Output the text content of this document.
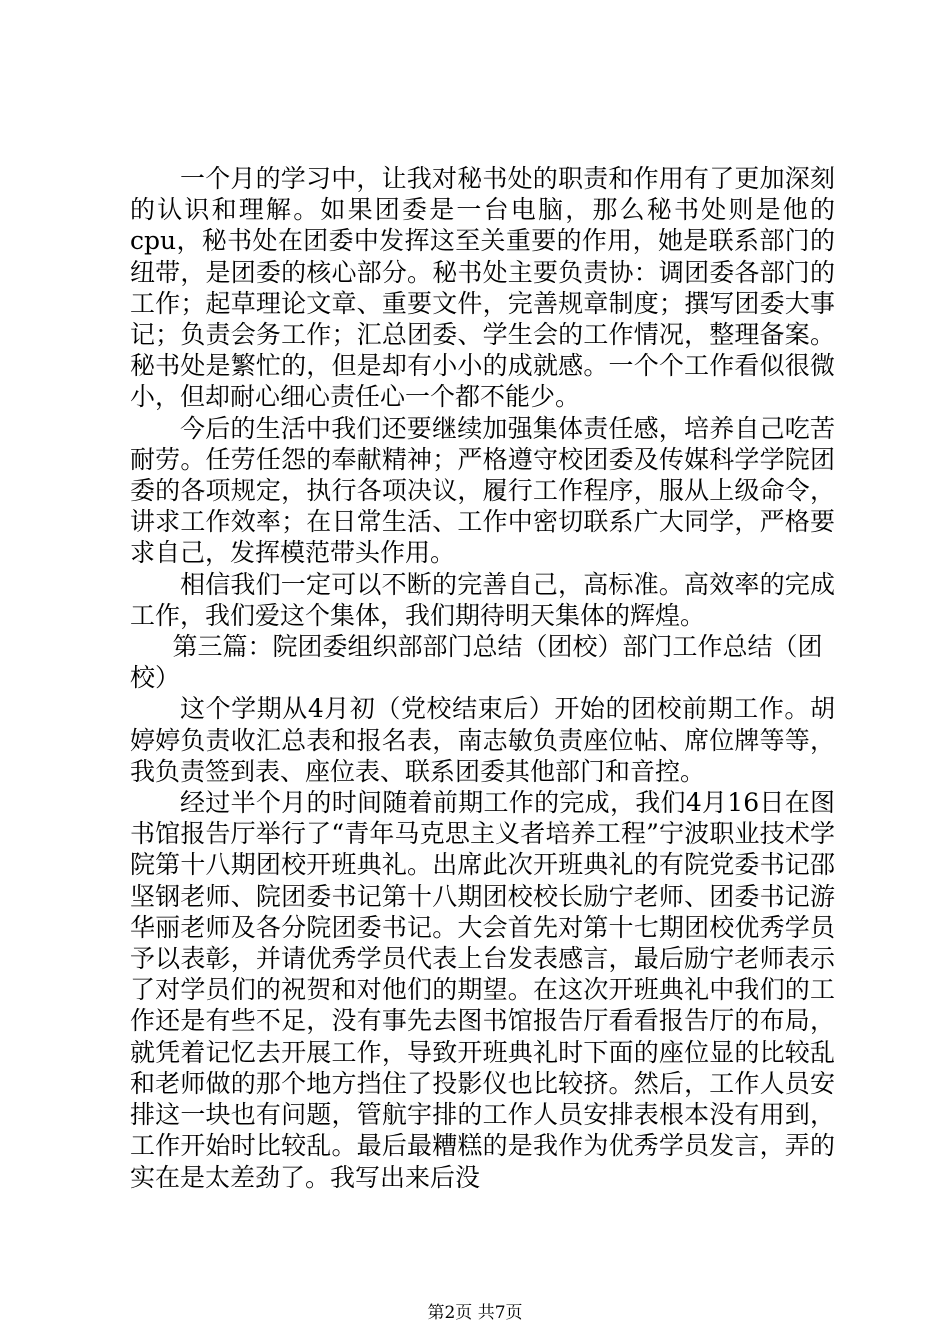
一个月的学习中，让我对秘书处的职责和作用有了更加深刻的认识和理解。如果团委是一台电脑，那么秘书处则是他的cpu，秘书处在团委中发挥这至关重要的作用，她是联系部门的纽带，是团委的核心部分。秘书处主要负责协：调团委各部门的工作；起草理论文章、重要文件，完善规章制度；撰写团委大事记；负责会务工作；汇总团委、学生会的工作情况，整理备案。秘书处是繁忙的，但是却有小小的成就感。一个个工作看似很微小，但却耐心细心责任心一个都不能少。

今后的生活中我们还要继续加强集体责任感，培养自己吃苦耐劳。任劳任怨的奉献精神；严格遵守校团委及传媒科学学院团委的各项规定，执行各项决议，履行工作程序，服从上级命令，讲求工作效率；在日常生活、工作中密切联系广大同学，严格要求自己，发挥模范带头作用。

相信我们一定可以不断的完善自己，高标准。高效率的完成工作，我们爱这个集体，我们期待明天集体的辉煌。

第三篇：院团委组织部部门总结（团校）部门工作总结（团校）

这个学期从4月初（党校结束后）开始的团校前期工作。胡婷婷负责收汇总表和报名表，南志敏负责座位帖、席位牌等等，我负责签到表、座位表、联系团委其他部门和音控。

经过半个月的时间随着前期工作的完成，我们4月16日在图书馆报告厅举行了“青年马克思主义者培养工程”宁波职业技术学院第十八期团校开班典礼。出席此次开班典礼的有院党委书记邵坚钢老师、院团委书记第十八期团校校长励宁老师、团委书记游华丽老师及各分院团委书记。大会首先对第十七期团校优秀学员予以表彰，并请优秀学员代表上台发表感言，最后励宁老师表示了对学员们的祝贺和对他们的期望。在这次开班典礼中我们的工作还是有些不足，没有事先去图书馆报告厅看看报告厅的布局，就凭着记忆去开展工作，导致开班典礼时下面的座位显的比较乱和老师做的那个地方挡住了投影仪也比较挤。然后，工作人员安排这一块也有问题，管航宇排的工作人员安排表根本没有用到，工作开始时比较乱。最后最糟糕的是我作为优秀学员发言，弄的实在是太差劲了。我写出来后没

第2页 共7页
